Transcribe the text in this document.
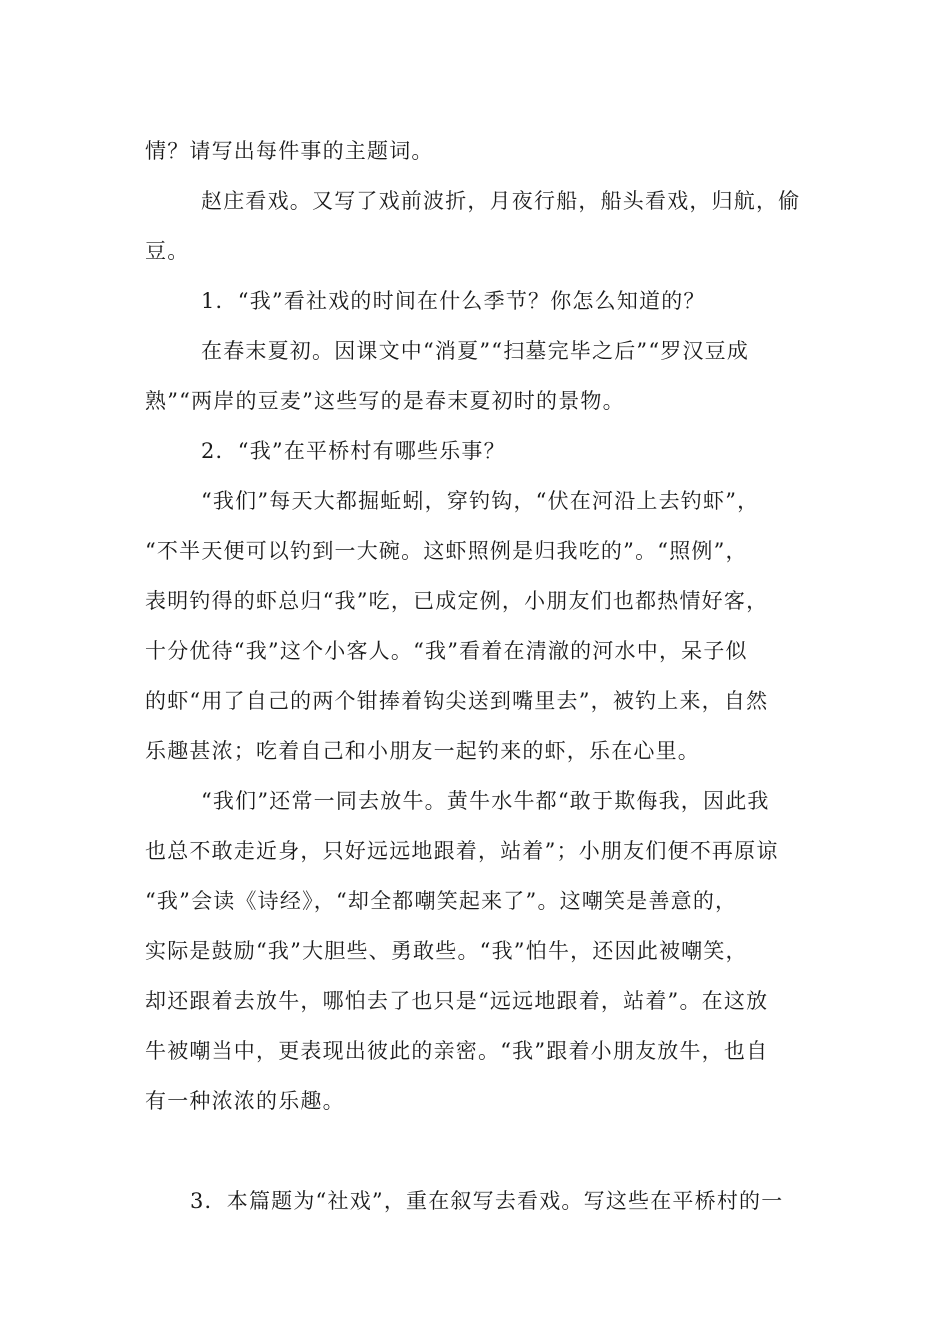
情？请写出每件事的主题词。
赵庄看戏。又写了戏前波折，月夜行船，船头看戏，归航，偷
豆。
1．“我”看社戏的时间在什么季节？你怎么知道的？
在春末夏初。因课文中“消夏”“扫墓完毕之后”“罗汉豆成
熟”“两岸的豆麦”这些写的是春末夏初时的景物。
2．“我”在平桥村有哪些乐事？
“我们”每天大都掘蚯蚓，穿钓钩，“伏在河沿上去钓虾”，
“不半天便可以钓到一大碗。这虾照例是归我吃的”。“照例”，
表明钓得的虾总归“我”吃，已成定例，小朋友们也都热情好客，
十分优待“我”这个小客人。“我”看着在清澈的河水中，呆子似
的虾“用了自己的两个钳捧着钩尖送到嘴里去”，被钓上来，自然
乐趣甚浓；吃着自己和小朋友一起钓来的虾，乐在心里。
“我们”还常一同去放牛。黄牛水牛都“敢于欺侮我，因此我
也总不敢走近身，只好远远地跟着，站着”；小朋友们便不再原谅
“我”会读《诗经》，“却全都嘲笑起来了”。这嘲笑是善意的，
实际是鼓励“我”大胆些、勇敢些。“我”怕牛，还因此被嘲笑，
却还跟着去放牛，哪怕去了也只是“远远地跟着，站着”。在这放
牛被嘲当中，更表现出彼此的亲密。“我”跟着小朋友放牛，也自
有一种浓浓的乐趣。
3．本篇题为“社戏”，重在叙写去看戏。写这些在平桥村的一
